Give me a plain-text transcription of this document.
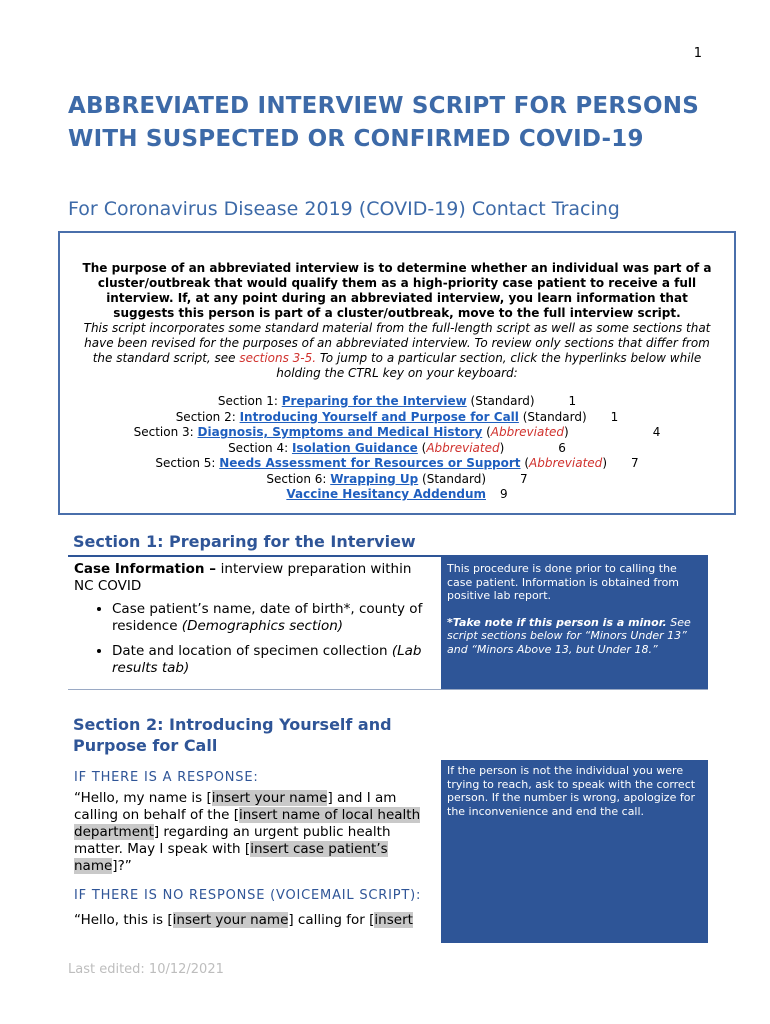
1
ABBREVIATED INTERVIEW SCRIPT FOR PERSONS WITH SUSPECTED OR CONFIRMED COVID-19
For Coronavirus Disease 2019 (COVID-19) Contact Tracing

The purpose of an abbreviated interview is to determine whether an individual was part of a cluster/outbreak that would qualify them as a high-priority case patient to receive a full interview. If, at any point during an abbreviated interview, you learn information that suggests this person is part of a cluster/outbreak, move to the full interview script.

This script incorporates some standard material from the full-length script as well as some sections that have been revised for the purposes of an abbreviated interview. To review only sections that differ from the standard script, see sections 3-5. To jump to a particular section, click the hyperlinks below while holding the CTRL key on your keyboard:

Section 1: Preparing for the Interview (Standard)	1
Section 2: Introducing Yourself and Purpose for Call (Standard) 1
Section 3: Diagnosis, Symptoms and Medical History (Abbreviated)	4
Section 4: Isolation Guidance (Abbreviated)	6
Section 5: Needs Assessment for Resources or Support (Abbreviated) 7
Section 6: Wrapping Up (Standard)	7
Vaccine Hesitancy Addendum 9
Section 1: Preparing for the Interview
Case Information – interview preparation within NC COVID
• Case patient’s name, date of birth*, county of residence (Demographics section)
• Date and location of specimen collection (Lab results tab)
This procedure is done prior to calling the case patient. Information is obtained from positive lab report.
*Take note if this person is a minor. See script sections below for “Minors Under 13” and “Minors Above 13, but Under 18.”
Section 2: Introducing Yourself and Purpose for Call
IF THERE IS A RESPONSE:
“Hello, my name is [insert your name] and I am calling on behalf of the [insert name of local health department] regarding an urgent public health matter. May I speak with [insert case patient’s name]?”
IF THERE IS NO RESPONSE (VOICEMAIL SCRIPT):
“Hello, this is [insert your name] calling for [insert
If the person is not the individual you were trying to reach, ask to speak with the correct person. If the number is wrong, apologize for the inconvenience and end the call.
Last edited: 10/12/2021
